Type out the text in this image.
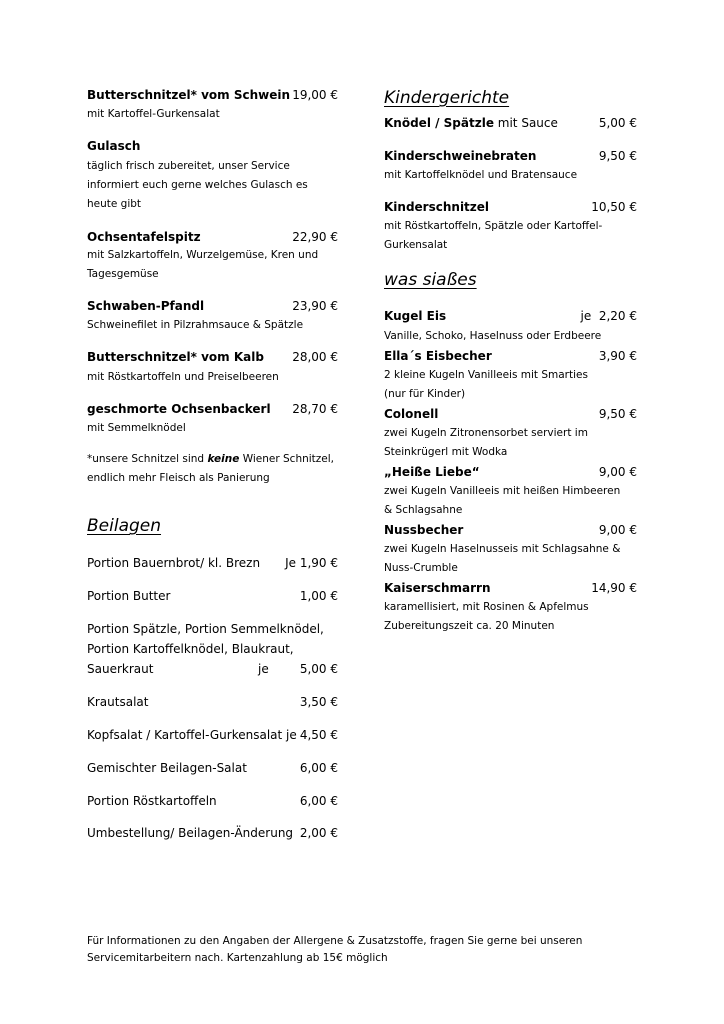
Butterschnitzel* vom Schwein 19,00 €
mit Kartoffel-Gurkensalat
Gulasch
täglich frisch zubereitet, unser Service
informiert euch gerne welches Gulasch es
heute gibt
Ochsentafelspitz	22,90 €
mit Salzkartoffeln, Wurzelgemüse, Kren und
Tagesgemüse
Schwaben-Pfandl	23,90 €
Schweinefilet in Pilzrahmsauce & Spätzle
Butterschnitzel* vom Kalb 28,00 €
mit Röstkartoffeln und Preiselbeeren
geschmorte Ochsenbackerl 28,70 €
mit Semmelknödel
*unsere Schnitzel sind keine Wiener Schnitzel,
endlich mehr Fleisch als Panierung
Beilagen
Portion Bauernbrot/ kl. Brezn Je 1,90 €
Portion Butter	1,00 €
Portion Spätzle, Portion Semmelknödel,
Portion Kartoffelknödel, Blaukraut,
Sauerkraut	je	5,00 €
Krautsalat	3,50 €
Kopfsalat / Kartoffel-Gurkensalat je 4,50 €
Gemischter Beilagen-Salat	6,00 €
Portion Röstkartoffeln	6,00 €
Umbestellung/ Beilagen-Änderung 2,00 €
Kindergerichte
Knödel / Spätzle mit Sauce	5,00 €
Kinderschweinebraten	9,50 €
mit Kartoffelknödel und Bratensauce
Kinderschnitzel	10,50 €
mit Röstkartoffeln, Spätzle oder Kartoffel-
Gurkensalat
was siaßes
Kugel Eis	je  2,20 €
Vanille, Schoko, Haselnuss oder Erdbeere
Ella´s Eisbecher	3,90 €
2 kleine Kugeln Vanilleeis mit Smarties
(nur für Kinder)
Colonell	9,50 €
zwei Kugeln Zitronensorbet serviert im
Steinkrügerl mit Wodka
„Heiße Liebe“	9,00 €
zwei Kugeln Vanilleeis mit heißen Himbeeren
& Schlagsahne
Nussbecher	9,00 €
zwei Kugeln Haselnusseis mit Schlagsahne &
Nuss-Crumble
Kaiserschmarrn	14,90 €
karamellisiert, mit Rosinen & Apfelmus
Zubereitungszeit ca. 20 Minuten
Für Informationen zu den Angaben der Allergene & Zusatzstoffe, fragen Sie gerne bei unseren
Servicemitarbeitern nach. Kartenzahlung ab 15€ möglich
